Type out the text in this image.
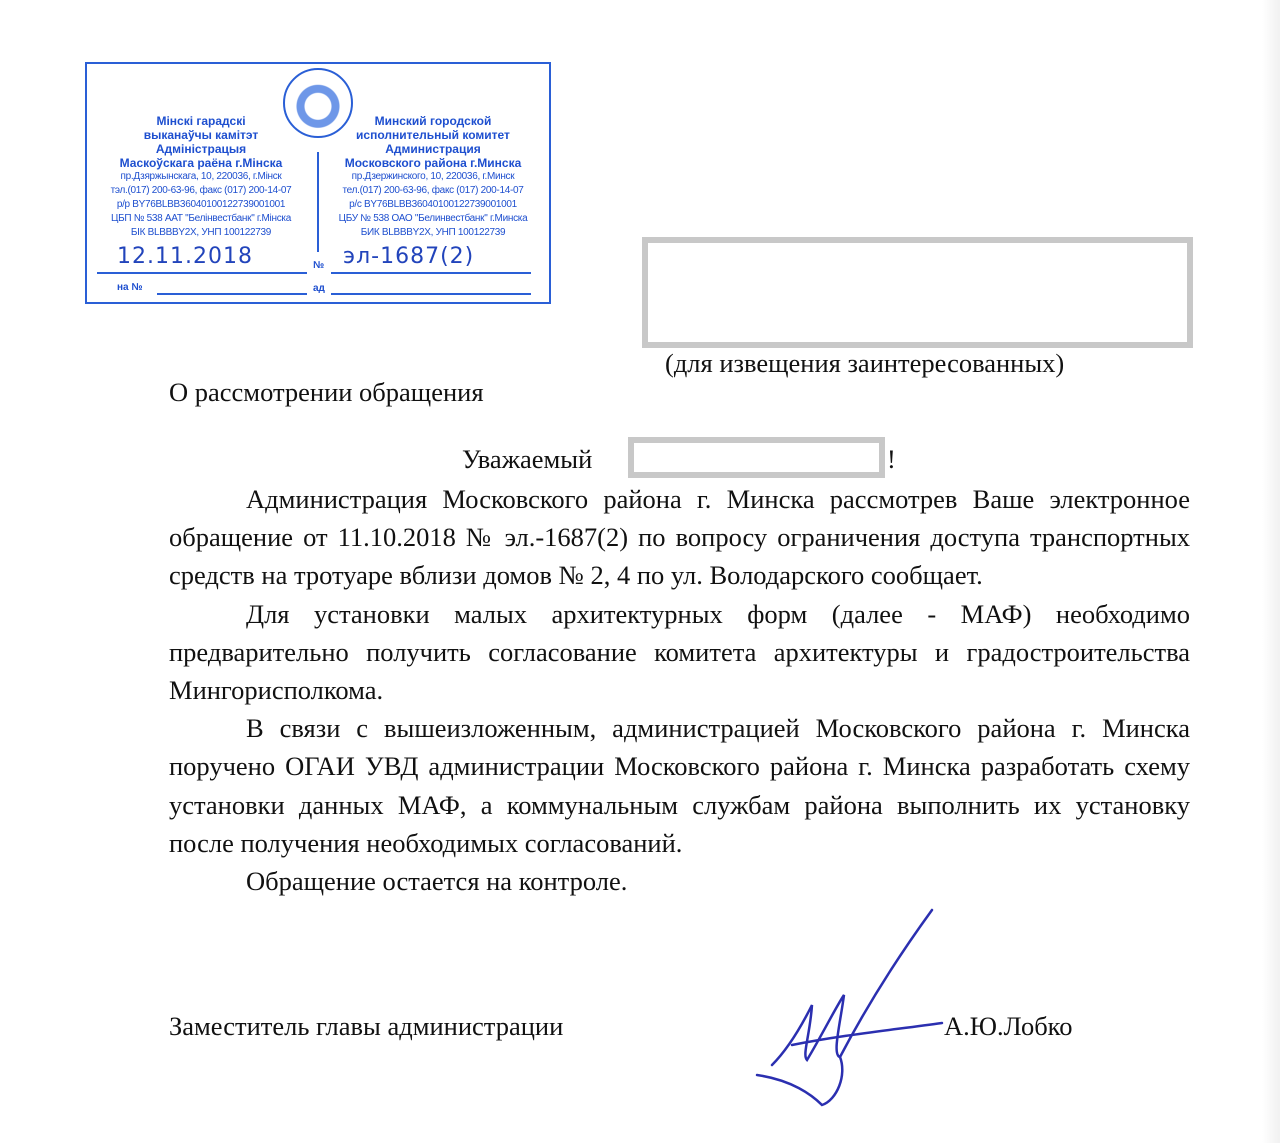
Мінскі гарадскі
выканаўчы камітэт
Адміністрацыя
Маскоўскага раёна г.Мінска
пр.Дзяржынскага, 10, 220036, г.Мінск
тэл.(017) 200-63-96, факс (017) 200-14-07
р/р BY76BLBB36040100122739001001
ЦБП № 538 ААТ "Белінвестбанк" г.Мінска
БІК BLBBBY2X, УНП 100122739
Минский городской
исполнительный комитет
Администрация
Московского района г.Минска
пр.Дзержинского, 10, 220036, г.Минск
тел.(017) 200-63-96, факс (017) 200-14-07
р/с BY76BLBB36040100122739001001
ЦБУ № 538 ОАО "Белинвестбанк" г.Минска
БИК BLBBBY2X, УНП 100122739
12.11.2018	№ эл-1687(2)
на №	ад
(для извещения заинтересованных)
О рассмотрении обращения
Уважаемый	!

Администрация Московского района г. Минска рассмотрев Ваше электронное обращение от 11.10.2018 № эл.-1687(2) по вопросу ограничения доступа транспортных средств на тротуаре вблизи домов № 2, 4 по ул. Володарского сообщает.

Для установки малых архитектурных форм (далее - МАФ) необходимо предварительно получить согласование комитета архитектуры и градостроительства Мингорисполкома.

В связи с вышеизложенным, администрацией Московского района г. Минска поручено ОГАИ УВД администрации Московского района г. Минска разработать схему установки данных МАФ, а коммунальным службам района выполнить их установку после получения необходимых согласований.

Обращение остается на контроле.

Заместитель главы администрации	А.Ю.Лобко
